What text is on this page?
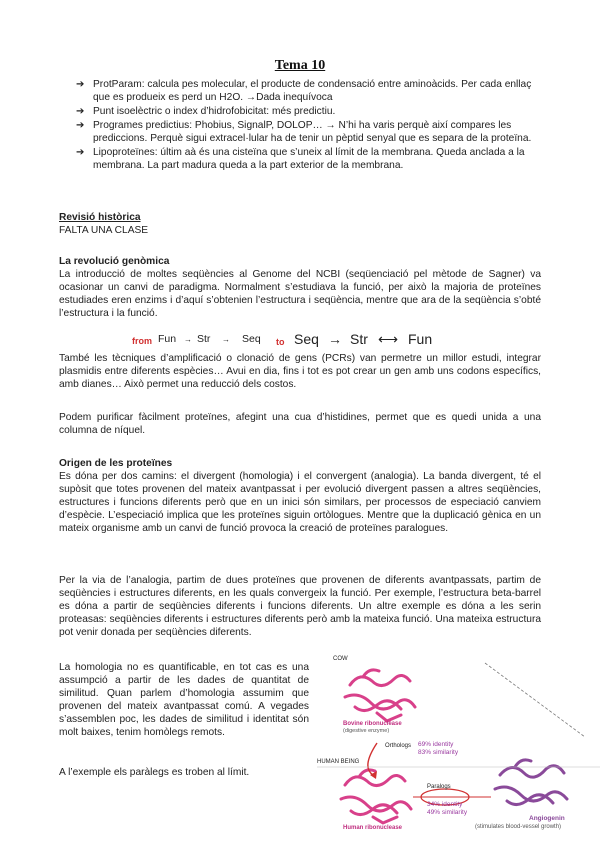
Tema 10
➔ ProtParam: calcula pes molecular, el producte de condensació entre aminoàcids. Per cada enllaç que es produeix es perd un H2O. →Dada inequívoca
➔ Punt isoelèctric o index d’hidrofobicitat: més predictiu.
➔ Programes predictius: Phobius, SignalP, DOLOP… → N’hi ha varis perquè així compares les prediccions. Perquè sigui extracel·lular ha de tenir un pèptid senyal que es separa de la proteïna.
➔ Lipoproteïnes: últim aà és una cisteïna que s’uneix al límit de la membrana. Queda anclada a la membrana. La part madura queda a la part exterior de la membrana.
Revisió històrica
FALTA UNA CLASE
La revolució genòmica
La introducció de moltes seqüències al Genome del NCBI (seqüenciació pel mètode de Sagner) va ocasionar un canvi de paradigma. Normalment s’estudiava la funció, per això la majoria de proteïnes estudiades eren enzims i d’aquí s’obtenien l’estructura i seqüència, mentre que ara de la seqüència s’obté l’estructura i la funció.
from Fun → Str → Seq to Seq → Str ⟷ Fun
També les tècniques d’amplificació o clonació de gens (PCRs) van permetre un millor estudi, integrar plasmidis entre diferents espècies… Avui en dia, fins i tot es pot crear un gen amb uns codons específics, amb dianes… Això permet una reducció dels costos.
Podem purificar fàcilment proteïnes, afegint una cua d’histidines, permet que es quedi unida a una columna de níquel.
Origen de les proteïnes
Es dóna per dos camins: el divergent (homologia) i el convergent (analogia). La banda divergent, té el supòsit que totes provenen del mateix avantpassat i per evolució divergent passen a altres seqüències, estructures i funcions diferents però que en un inici són similars, per processos de especiació canviem d’espècie. L’especiació implica que les proteïnes siguin ortòlogues. Mentre que la duplicació gènica en un mateix organisme amb un canvi de funció provoca la creació de proteïnes paralogues.
Per la via de l’analogia, partim de dues proteïnes que provenen de diferents avantpassats, partim de seqüències i estructures diferents, en les quals convergeix la funció. Per exemple, l’estructura beta-barrel es dóna a partir de seqüències diferents i funcions diferents. Un altre exemple es dóna a les serin proteasas: seqüències diferents i estructures diferents però amb la mateixa funció. Una mateixa estructura pot venir donada per seqüències diferents.
La homologia no es quantificable, en tot cas es una assumpció a partir de les dades de quantitat de similitud. Quan parlem d’homologia assumim que provenen del mateix avantpassat comú. A vegades s’assemblen poc, les dades de similitud i identitat són molt baixes, tenim homòlegs remots.
A l’exemple els paràlegs es troben al límit.
COW
Bovine ribonuclease
(digestive enzyme)
Orthologs 69% identity
83% similarity
HUMAN BEING
Paralogs
34% identity
49% similarity
Human ribonuclease
Angiogenin
(stimulates blood-vessel growth)
